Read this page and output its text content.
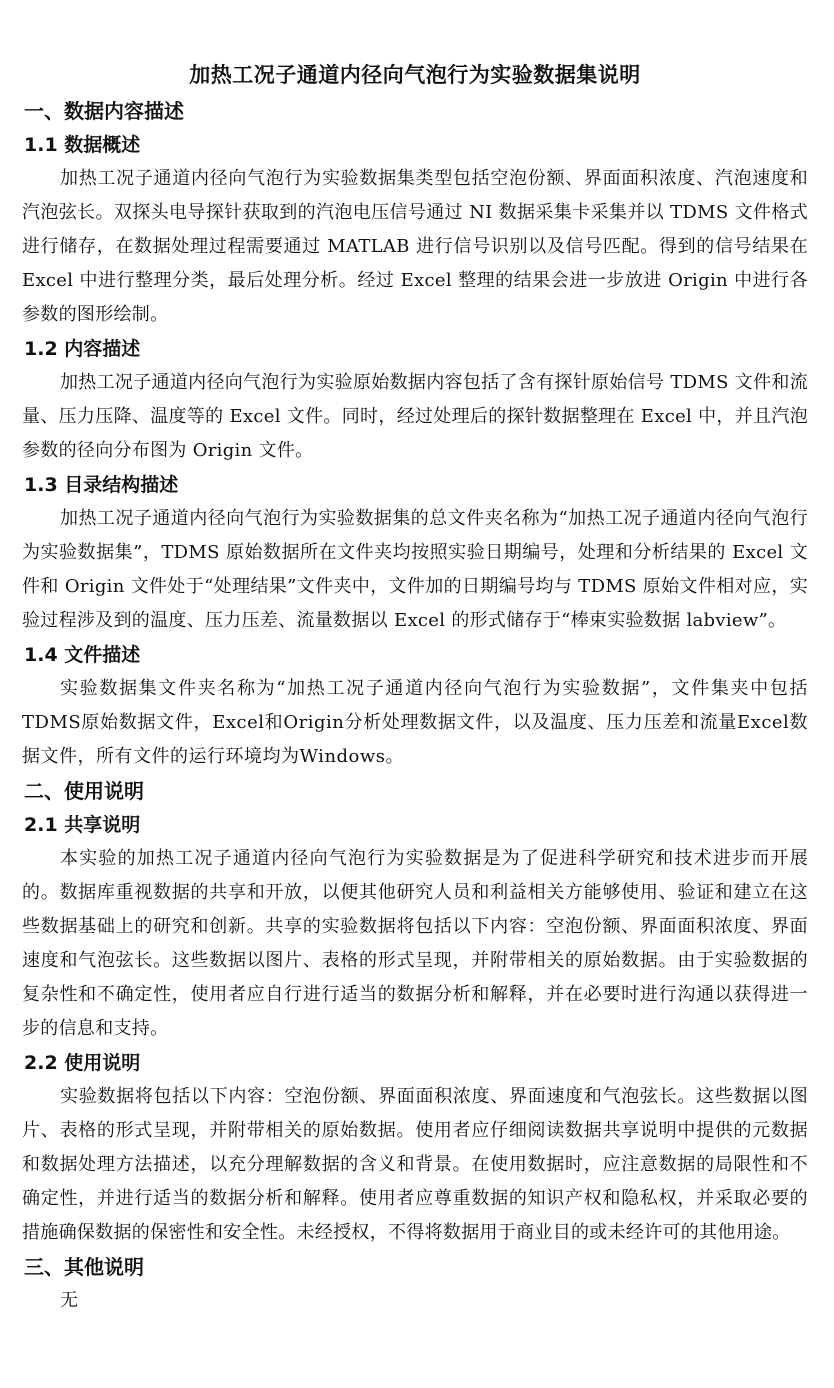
加热工况子通道内径向气泡行为实验数据集说明
一、数据内容描述
1.1 数据概述

加热工况子通道内径向气泡行为实验数据集类型包括空泡份额、界面面积浓度、汽泡速度和汽泡弦长。双探头电导探针获取到的汽泡电压信号通过 NI 数据采集卡采集并以 TDMS 文件格式进行储存，在数据处理过程需要通过 MATLAB 进行信号识别以及信号匹配。得到的信号结果在 Excel 中进行整理分类，最后处理分析。经过 Excel 整理的结果会进一步放进 Origin 中进行各参数的图形绘制。

1.2 内容描述

加热工况子通道内径向气泡行为实验原始数据内容包括了含有探针原始信号 TDMS 文件和流量、压力压降、温度等的 Excel 文件。同时，经过处理后的探针数据整理在 Excel 中，并且汽泡参数的径向分布图为 Origin 文件。

1.3 目录结构描述

加热工况子通道内径向气泡行为实验数据集的总文件夹名称为“加热工况子通道内径向气泡行为实验数据集”，TDMS 原始数据所在文件夹均按照实验日期编号，处理和分析结果的 Excel 文件和 Origin 文件处于“处理结果”文件夹中，文件加的日期编号均与 TDMS 原始文件相对应，实验过程涉及到的温度、压力压差、流量数据以 Excel 的形式储存于“棒束实验数据 labview”。

1.4 文件描述

实验数据集文件夹名称为“加热工况子通道内径向气泡行为实验数据”，文件集夹中包括TDMS原始数据文件，Excel和Origin分析处理数据文件，以及温度、压力压差和流量Excel数据文件，所有文件的运行环境均为Windows。

二、使用说明
2.1 共享说明

本实验的加热工况子通道内径向气泡行为实验数据是为了促进科学研究和技术进步而开展的。数据库重视数据的共享和开放，以便其他研究人员和利益相关方能够使用、验证和建立在这些数据基础上的研究和创新。共享的实验数据将包括以下内容：空泡份额、界面面积浓度、界面速度和气泡弦长。这些数据以图片、表格的形式呈现，并附带相关的原始数据。由于实验数据的复杂性和不确定性，使用者应自行进行适当的数据分析和解释，并在必要时进行沟通以获得进一步的信息和支持。

2.2 使用说明

实验数据将包括以下内容：空泡份额、界面面积浓度、界面速度和气泡弦长。这些数据以图片、表格的形式呈现，并附带相关的原始数据。使用者应仔细阅读数据共享说明中提供的元数据和数据处理方法描述，以充分理解数据的含义和背景。在使用数据时，应注意数据的局限性和不确定性，并进行适当的数据分析和解释。使用者应尊重数据的知识产权和隐私权，并采取必要的措施确保数据的保密性和安全性。未经授权，不得将数据用于商业目的或未经许可的其他用途。

三、其他说明

无
